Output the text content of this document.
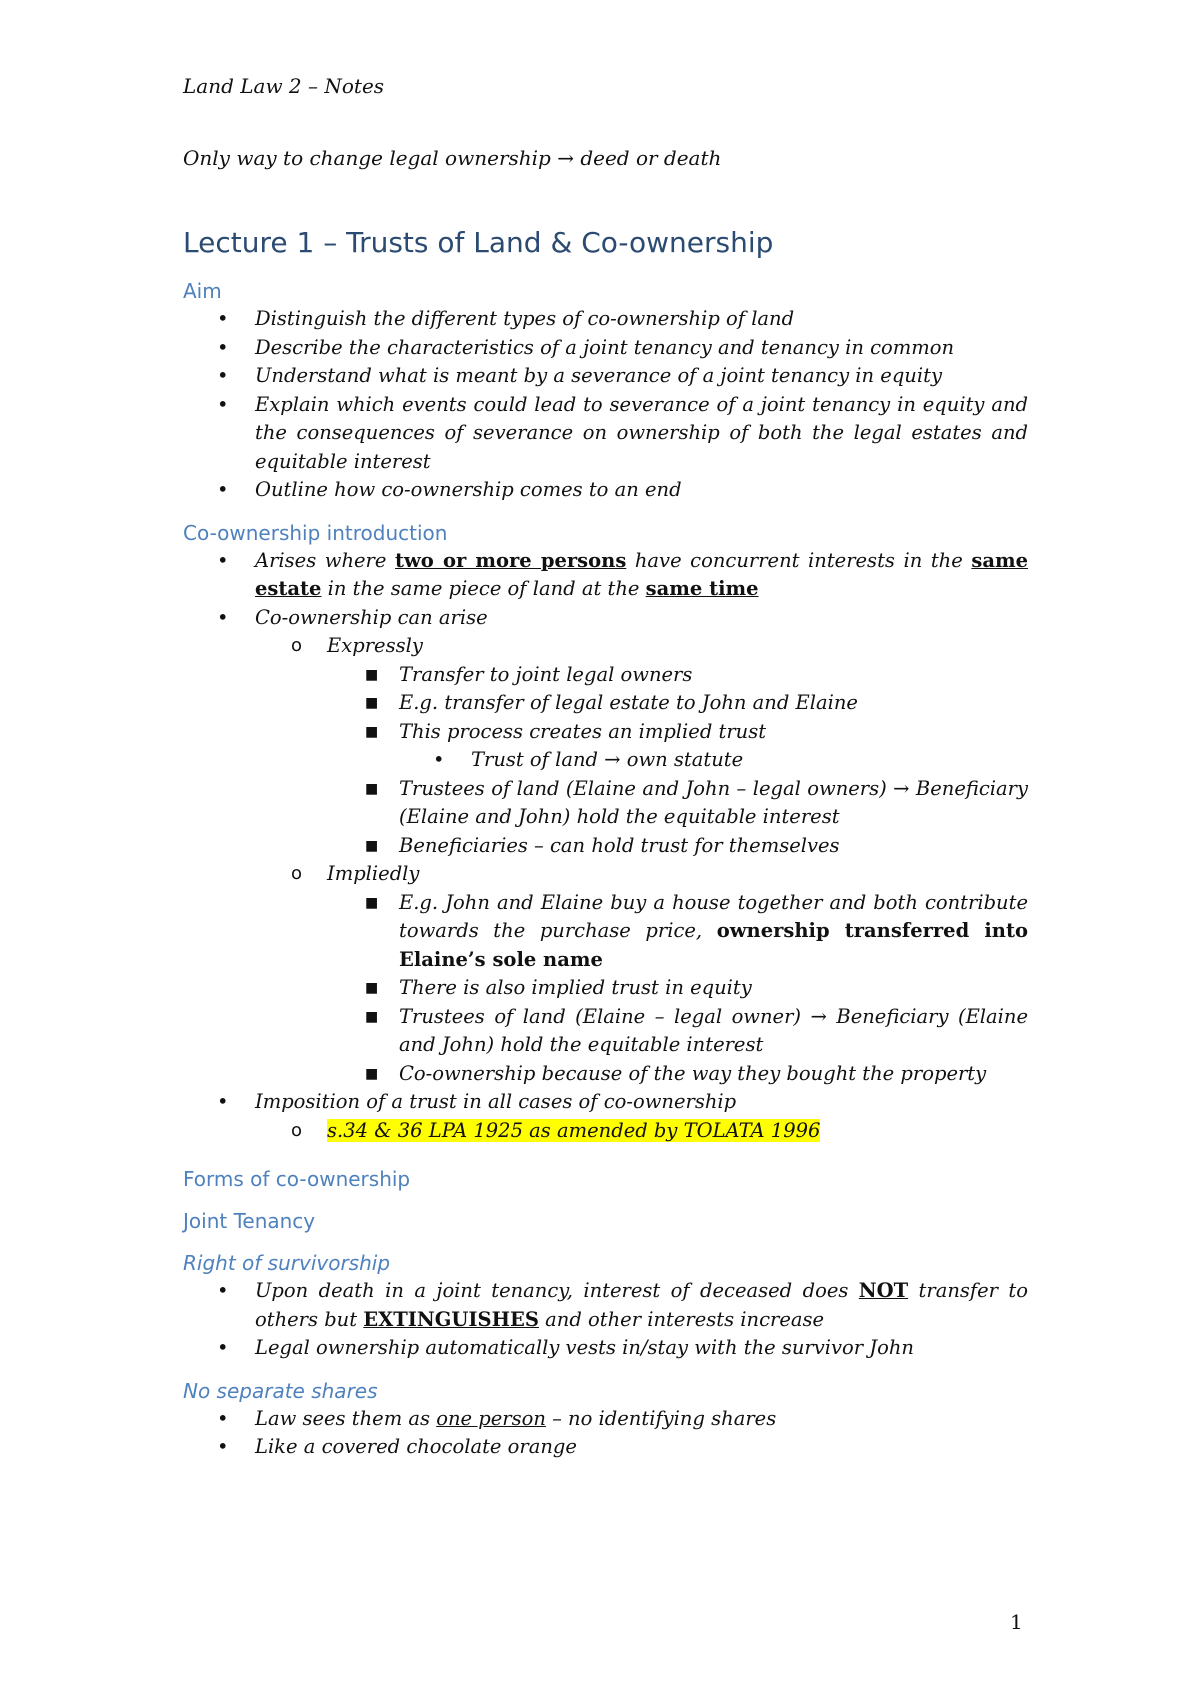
Land Law 2 – Notes
Only way to change legal ownership → deed or death
Lecture 1 – Trusts of Land & Co-ownership
Aim
• Distinguish the different types of co-ownership of land
• Describe the characteristics of a joint tenancy and tenancy in common
• Understand what is meant by a severance of a joint tenancy in equity
• Explain which events could lead to severance of a joint tenancy in equity and the consequences of severance on ownership of both the legal estates and equitable interest
• Outline how co-ownership comes to an end
Co-ownership introduction
• Arises where two or more persons have concurrent interests in the same estate in the same piece of land at the same time
• Co-ownership can arise
o Expressly
■ Transfer to joint legal owners
■ E.g. transfer of legal estate to John and Elaine
■ This process creates an implied trust
• Trust of land → own statute
■ Trustees of land (Elaine and John – legal owners) → Beneficiary (Elaine and John) hold the equitable interest
■ Beneficiaries – can hold trust for themselves
o Impliedly
■ E.g. John and Elaine buy a house together and both contribute towards the purchase price, ownership transferred into Elaine’s sole name
■ There is also implied trust in equity
■ Trustees of land (Elaine – legal owner) → Beneficiary (Elaine and John) hold the equitable interest
■ Co-ownership because of the way they bought the property
• Imposition of a trust in all cases of co-ownership
o s.34 & 36 LPA 1925 as amended by TOLATA 1996
Forms of co-ownership
Joint Tenancy
Right of survivorship
• Upon death in a joint tenancy, interest of deceased does NOT transfer to others but EXTINGUISHES and other interests increase
• Legal ownership automatically vests in/stay with the survivor John
No separate shares
• Law sees them as one person – no identifying shares
• Like a covered chocolate orange
1
